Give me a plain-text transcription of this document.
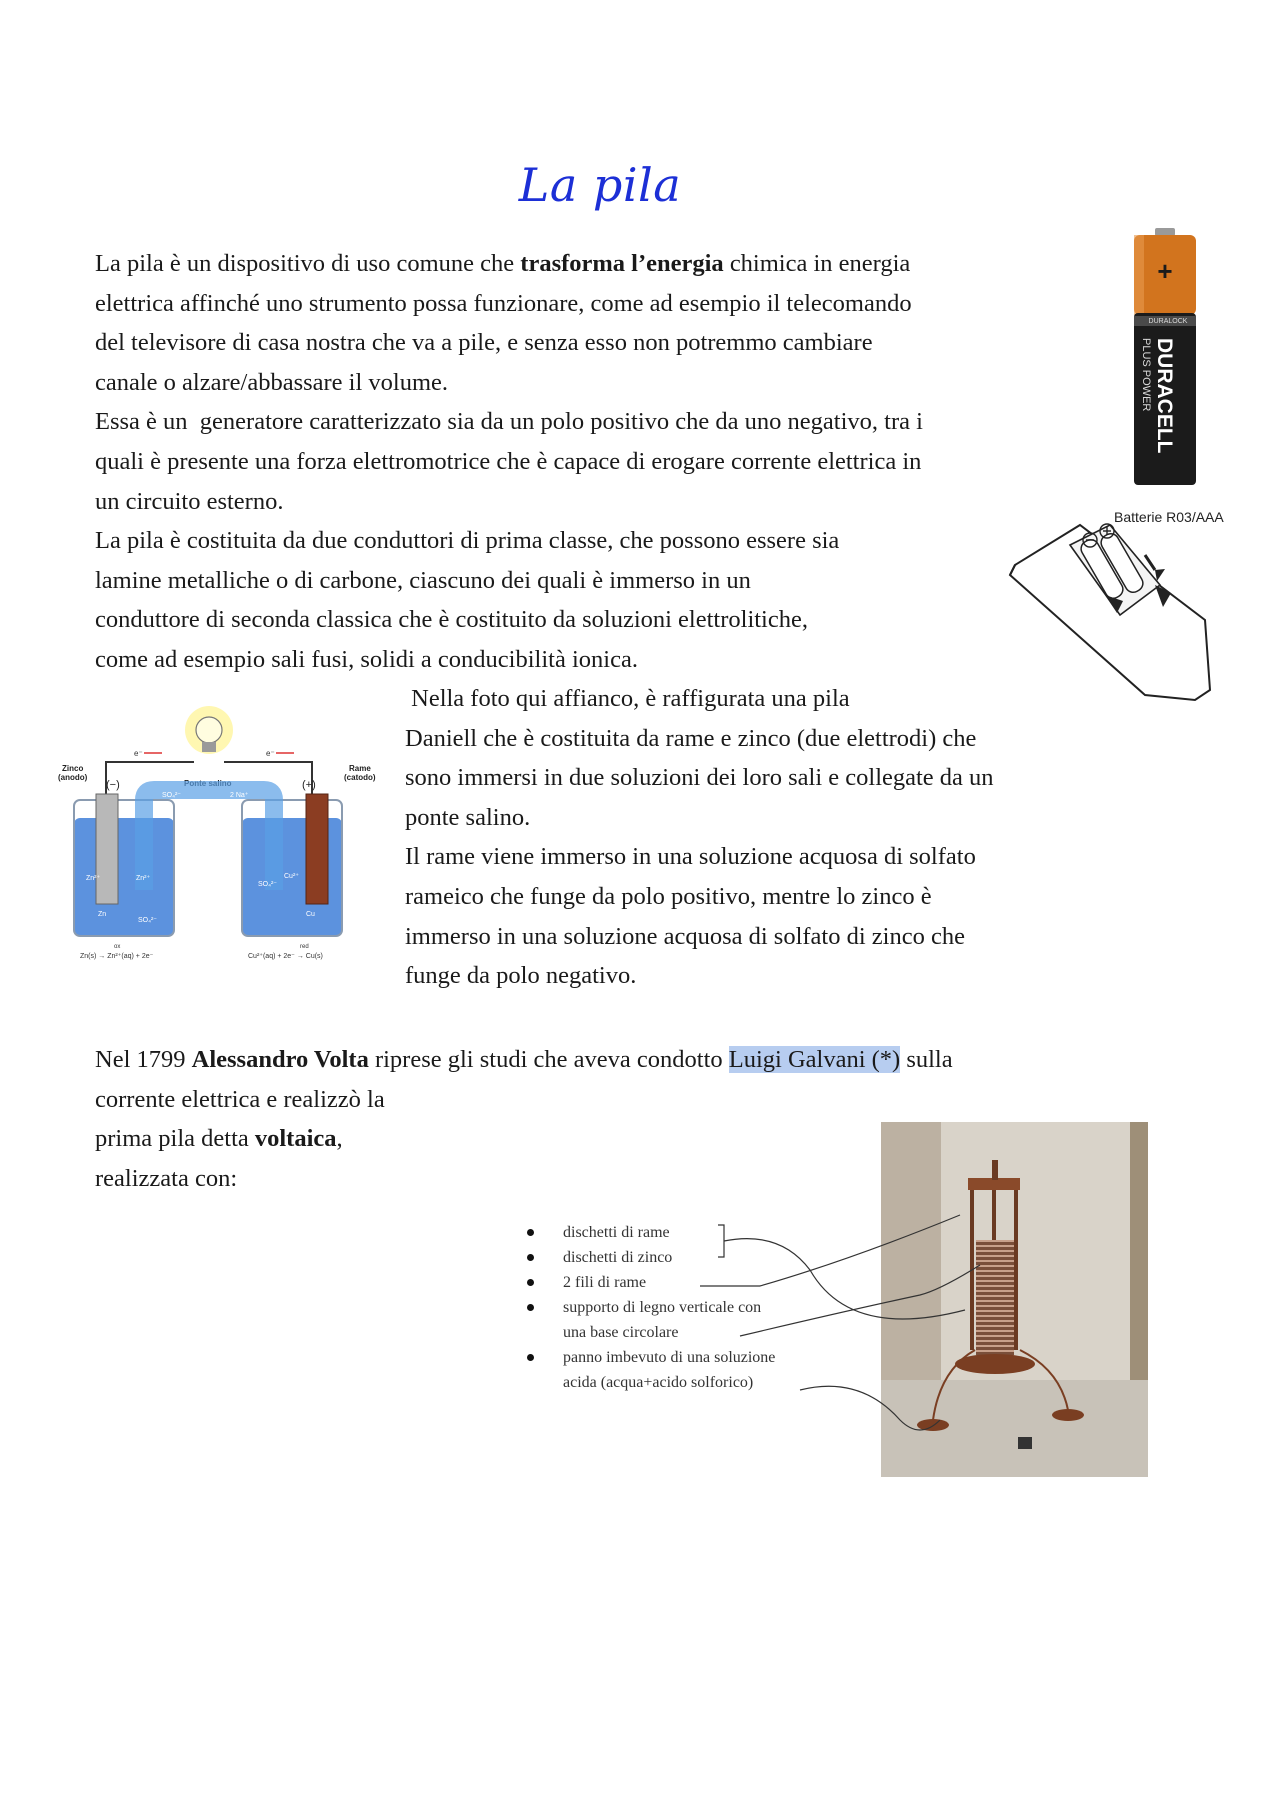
La pila

La pila è un dispositivo di uso comune che trasforma l’energia chimica in energia

elettrica affinché uno strumento possa funzionare, come ad esempio il telecomando

del televisore di casa nostra che va a pile, e senza esso non potremmo cambiare

canale o alzare/abbassare il volume.

Essa è un  generatore caratterizzato sia da un polo positivo che da uno negativo, tra i

quali è presente una forza elettromotrice che è capace di erogare corrente elettrica in

un circuito esterno.

La pila è costituita da due conduttori di prima classe, che possono essere sia

lamine metalliche o di carbone, ciascuno dei quali è immerso in un

conduttore di seconda classica che è costituito da soluzioni elettrolitiche,

come ad esempio sali fusi, solidi a conducibilità ionica.

+
DURALOCK
DURACELL
PLUS POWER
Batterie R03/AAA
e⁻	e⁻
Zinco
(anodo)
Rame
(catodo)
(−)	(+)
Ponte salino
SO₄²⁻	2 Na⁺
Zn²⁺
Zn
Zn²⁺
SO₄²⁻
SO₄²⁻
Cu²⁺
Cu
Zn(s) → Zn²⁺(aq) + 2e⁻
ox
Cu²⁺(aq) + 2e⁻ → Cu(s)
red

Nella foto qui affianco, è raffigurata una pila

Daniell che è costituita da rame e zinco (due elettrodi) che

sono immersi in due soluzioni dei loro sali e collegate da un

ponte salino.

Il rame viene immerso in una soluzione acquosa di solfato

rameico che funge da polo positivo, mentre lo zinco è

immerso in una soluzione acquosa di solfato di zinco che

funge da polo negativo.

Nel 1799 Alessandro Volta riprese gli studi che aveva condotto Luigi Galvani (*) sulla

corrente elettrica e realizzò la

prima pila detta voltaica,

realizzata con:

dischetti di rame
dischetti di zinco
2 fili di rame
supporto di legno verticale con
una base circolare
panno imbevuto di una soluzione
acida (acqua+acido solforico)
